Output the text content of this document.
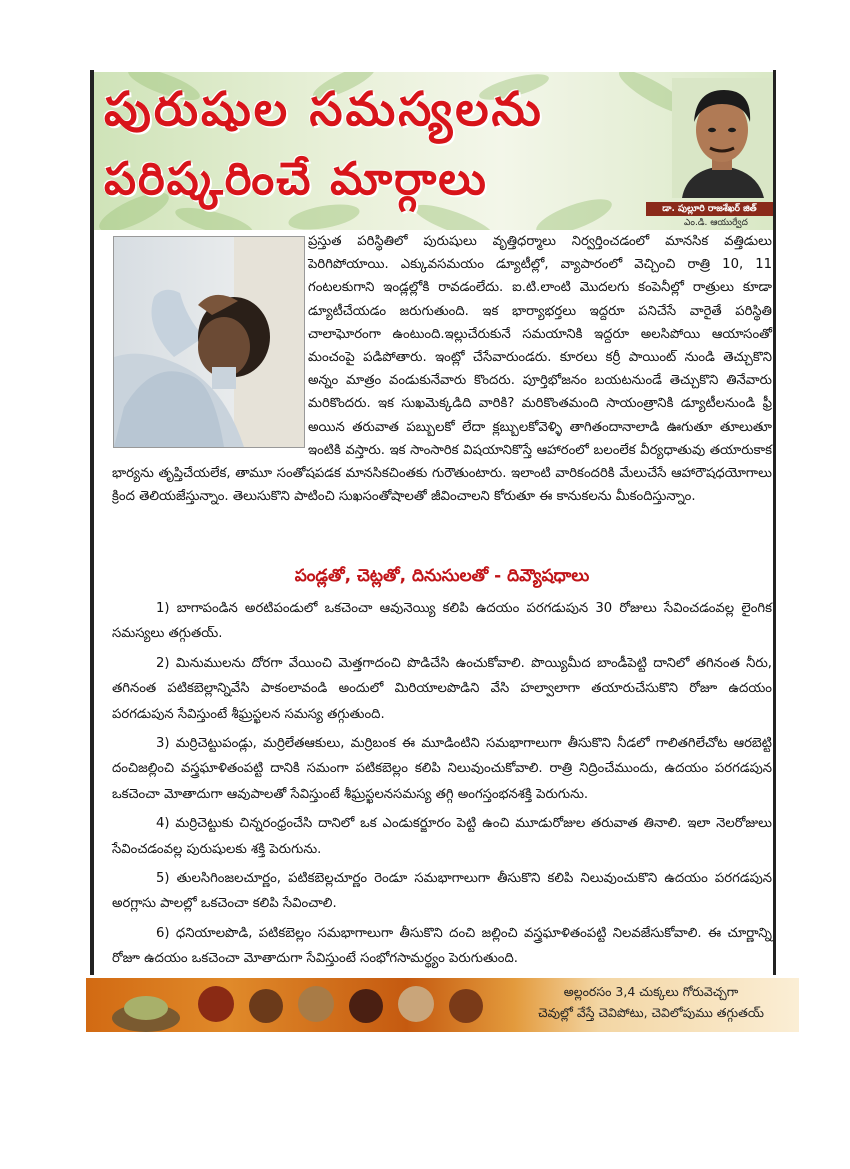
పురుషుల సమస్యలను
పరిష్కరించే మార్గాలు
డా. పుల్లూరి రాజశేఖర్ జిత్
ఎం.డి. ఆయుర్వేద

ప్రస్తుత పరిస్థితిలో పురుషులు వృత్తిధర్మాలు నిర్వర్తించడంలో మానసిక వత్తిడులు పెరిగిపోయాయి. ఎక్కువసమయం డ్యూటీల్లో, వ్యాపారంలో వెచ్చించి రాత్రి 10, 11 గంటలకుగాని ఇండ్లల్లోకి రావడంలేదు. ఐ.టి.లాంటి మొదలగు కంపెనీల్లో రాత్రులు కూడా డ్యూటీచేయడం జరుగుతుంది. ఇక భార్యాభర్తలు ఇద్దరూ పనిచేసే వారైతే పరిస్థితి చాలాఘోరంగా ఉంటుంది.ఇల్లుచేరుకునే సమయానికి ఇద్దరూ అలసిపోయి ఆయాసంతో మంచంపై పడిపోతారు. ఇంట్లో చేసేవారుండరు. కూరలు కర్రీ పాయింట్ నుండి తెచ్చుకొని అన్నం మాత్రం వండుకునేవారు కొందరు. పూర్తిభోజనం బయటనుండే తెచ్చుకొని తినేవారు మరికొందరు. ఇక సుఖమెక్కడిది వారికి? మరికొంతమంది సాయంత్రానికి డ్యూటీలనుండి ఫ్రీ అయిన తరువాత పబ్బులకో లేదా క్లబ్బులకోవెళ్ళి తాగితందానాలాడి ఊగుతూ తూలుతూ ఇంటికి వస్తారు. ఇక సాంసారిక విషయానికొస్తే ఆహారంలో బలంలేక వీర్యధాతువు తయారుకాక భార్యను తృప్తిచేయలేక, తామూ సంతోషపడక మానసికచింతకు గురౌతుంటారు. ఇలాంటి వారికందరికి మేలుచేసే ఆహారౌషధయోగాలు క్రింద తెలియజేస్తున్నాం. తెలుసుకొని పాటించి సుఖసంతోషాలతో జీవించాలని కోరుతూ ఈ కానుకలను మీకందిస్తున్నాం.

పండ్లతో, చెట్లతో, దినుసులతో - దివ్యౌషధాలు

1) బాగాపండిన అరటిపండులో ఒకచెంచా ఆవునెయ్యి కలిపి ఉదయం పరగడుపున 30 రోజులు సేవించడంవల్ల లైంగిక సమస్యలు తగ్గుతయ్.

2) మినుములను దోరగా వేయించి మెత్తగాదంచి పొడిచేసి ఉంచుకోవాలి. పొయ్యిమీద బాండీపెట్టి దానిలో తగినంత నీరు, తగినంత పటికబెల్లాన్నివేసి పాకంలావండి అందులో మిరియాలపొడిని వేసి హల్వాలాగా తయారుచేసుకొని రోజూ ఉదయం పరగడుపున సేవిస్తుంటే శీఘ్రస్ఖలన సమస్య తగ్గుతుంది.

3) మర్రిచెట్టుపండ్లు, మర్రిలేతఆకులు, మర్రిబంక ఈ మూడింటిని సమభాగాలుగా తీసుకొని నీడలో గాలితగిలేచోట ఆరబెట్టి దంచిజల్లించి వస్త్రఘాళితంపట్టి దానికి సమంగా పటికబెల్లం కలిపి నిలువుంచుకోవాలి. రాత్రి నిద్రించేముందు, ఉదయం పరగడపున ఒకచెంచా మోతాదుగా ఆవుపాలతో సేవిస్తుంటే శీఘ్రస్ఖలనసమస్య తగ్గి అంగస్తంభనశక్తి పెరుగును.

4) మర్రిచెట్టుకు చిన్నరంధ్రంచేసి దానిలో ఒక ఎండుకర్జూరం పెట్టి ఉంచి మూడురోజుల తరువాత తినాలి. ఇలా నెలరోజులు సేవించడంవల్ల పురుషులకు శక్తి పెరుగును.

5) తులసిగింజలచూర్ణం, పటికబెల్లచూర్ణం రెండూ సమభాగాలుగా తీసుకొని కలిపి నిలువుంచుకొని ఉదయం పరగడపున అరగ్లాసు పాలల్లో ఒకచెంచా కలిపి సేవించాలి.

6) ధనియాలపొడి, పటికబెల్లం సమభాగాలుగా తీసుకొని దంచి జల్లించి వస్త్రఘాళితంపట్టి నిలవజేసుకోవాలి. ఈ చూర్ణాన్ని రోజూ ఉదయం ఒకచెంచా మోతాదుగా సేవిస్తుంటే సంభోగసామర్థ్యం పెరుగుతుంది.

అల్లంరసం 3,4 చుక్కలు గోరువెచ్చగా
చెవుల్లో వేస్తే చెవిపోటు, చెవిలోపుము తగ్గుతయ్
